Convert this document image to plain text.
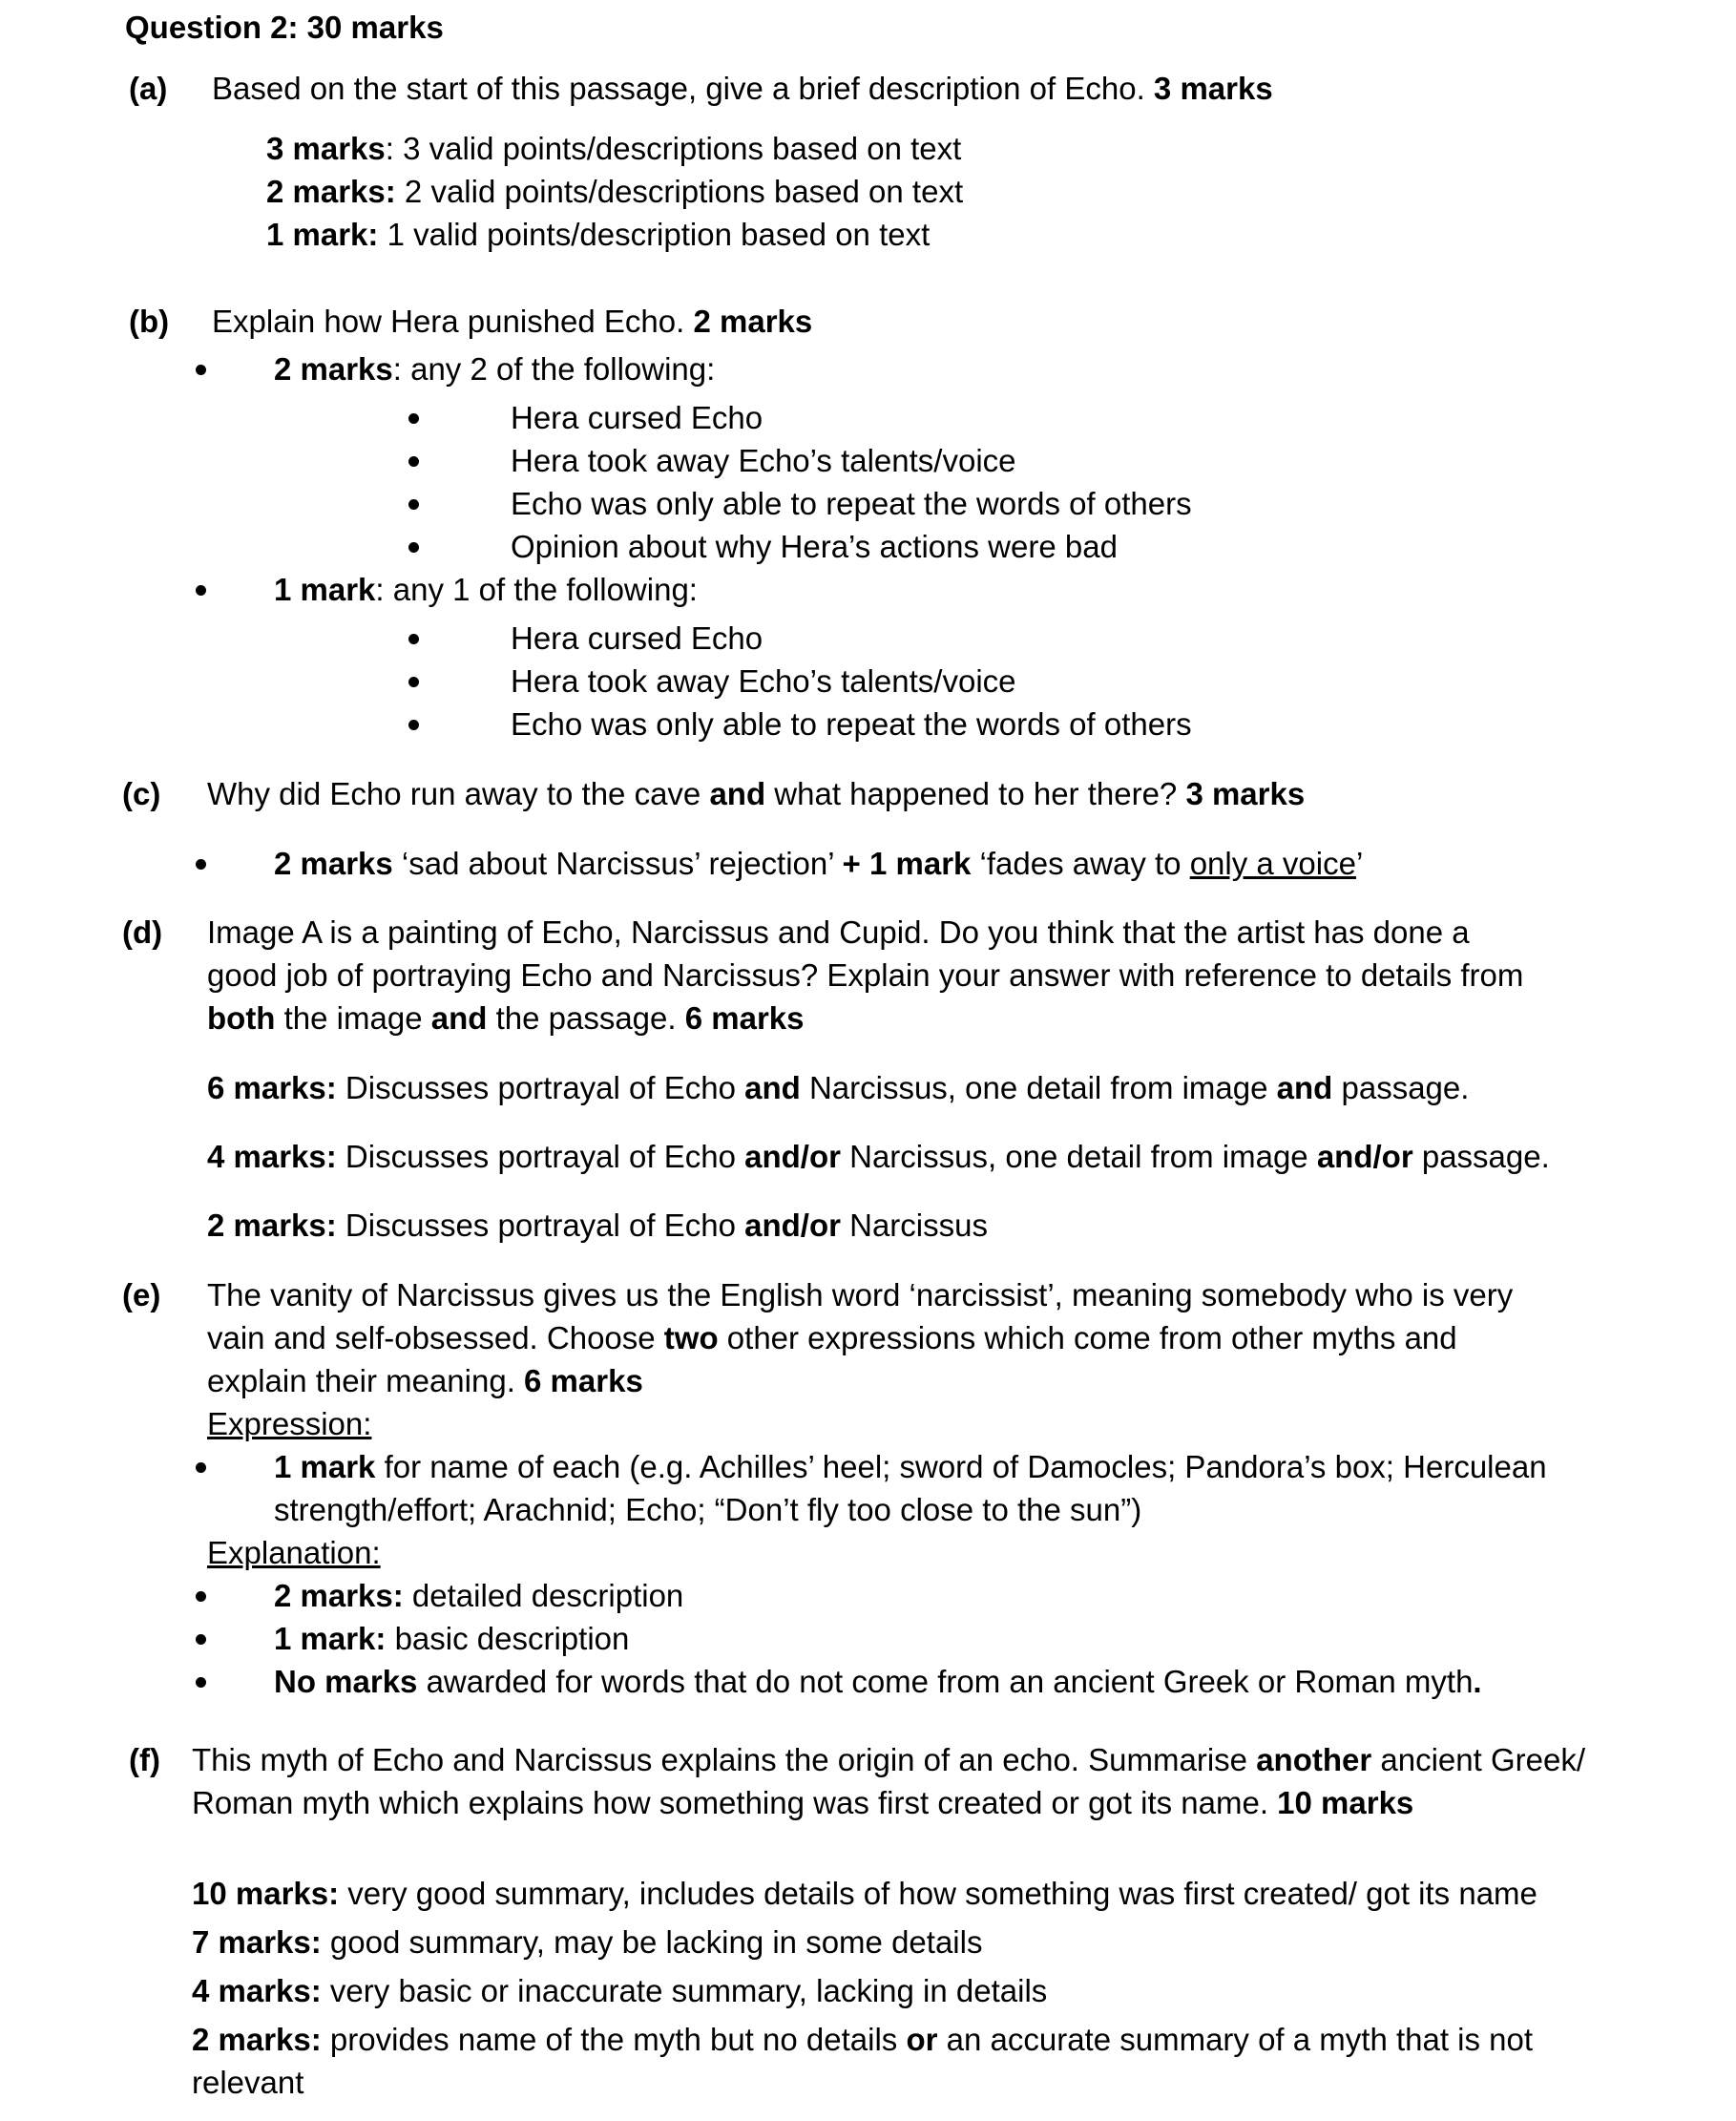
Question 2: 30 marks
(a) Based on the start of this passage, give a brief description of Echo. 3 marks
3 marks: 3 valid points/descriptions based on text
2 marks: 2 valid points/descriptions based on text
1 mark: 1 valid points/description based on text
(b) Explain how Hera punished Echo. 2 marks
2 marks: any 2 of the following:
Hera cursed Echo
Hera took away Echo’s talents/voice
Echo was only able to repeat the words of others
Opinion about why Hera’s actions were bad
1 mark: any 1 of the following:
Hera cursed Echo
Hera took away Echo’s talents/voice
Echo was only able to repeat the words of others
(c) Why did Echo run away to the cave and what happened to her there? 3 marks
2 marks ‘sad about Narcissus’ rejection’ + 1 mark ‘fades away to only a voice’
(d) Image A is a painting of Echo, Narcissus and Cupid. Do you think that the artist has done a
good job of portraying Echo and Narcissus? Explain your answer with reference to details from
both the image and the passage. 6 marks
6 marks: Discusses portrayal of Echo and Narcissus, one detail from image and passage.
4 marks: Discusses portrayal of Echo and/or Narcissus, one detail from image and/or passage.
2 marks: Discusses portrayal of Echo and/or Narcissus
(e) The vanity of Narcissus gives us the English word ‘narcissist’, meaning somebody who is very
vain and self-obsessed. Choose two other expressions which come from other myths and
explain their meaning. 6 marks
Expression:
1 mark for name of each (e.g. Achilles’ heel; sword of Damocles; Pandora’s box; Herculean
strength/effort; Arachnid; Echo; “Don’t fly too close to the sun”)
Explanation:
2 marks: detailed description
1 mark: basic description
No marks awarded for words that do not come from an ancient Greek or Roman myth.
(f) This myth of Echo and Narcissus explains the origin of an echo. Summarise another ancient Greek/
Roman myth which explains how something was first created or got its name. 10 marks
10 marks: very good summary, includes details of how something was first created/ got its name
7 marks: good summary, may be lacking in some details
4 marks: very basic or inaccurate summary, lacking in details
2 marks: provides name of the myth but no details or an accurate summary of a myth that is not
relevant
